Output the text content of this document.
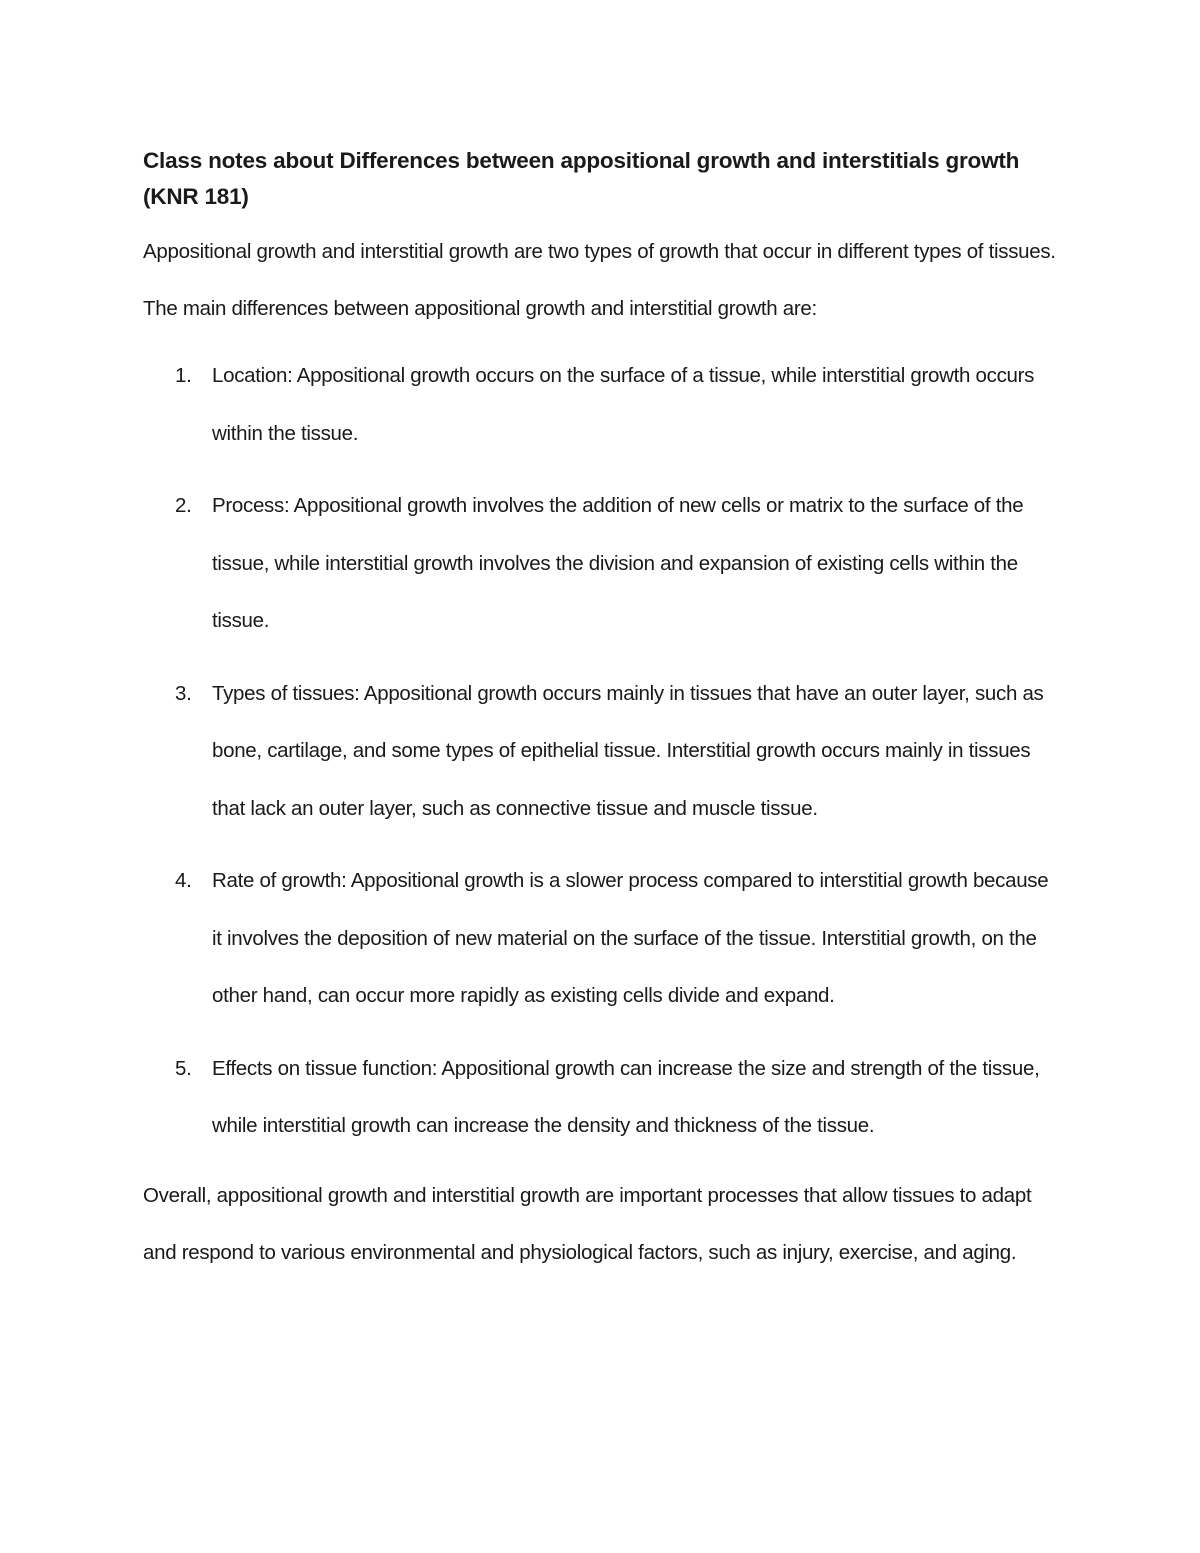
Class notes about Differences between appositional growth and interstitials growth (KNR 181)

Appositional growth and interstitial growth are two types of growth that occur in different types of tissues. The main differences between appositional growth and interstitial growth are:

1. Location: Appositional growth occurs on the surface of a tissue, while interstitial growth occurs within the tissue.
2. Process: Appositional growth involves the addition of new cells or matrix to the surface of the tissue, while interstitial growth involves the division and expansion of existing cells within the tissue.
3. Types of tissues: Appositional growth occurs mainly in tissues that have an outer layer, such as bone, cartilage, and some types of epithelial tissue. Interstitial growth occurs mainly in tissues that lack an outer layer, such as connective tissue and muscle tissue.
4. Rate of growth: Appositional growth is a slower process compared to interstitial growth because it involves the deposition of new material on the surface of the tissue. Interstitial growth, on the other hand, can occur more rapidly as existing cells divide and expand.
5. Effects on tissue function: Appositional growth can increase the size and strength of the tissue, while interstitial growth can increase the density and thickness of the tissue.

Overall, appositional growth and interstitial growth are important processes that allow tissues to adapt and respond to various environmental and physiological factors, such as injury, exercise, and aging.
